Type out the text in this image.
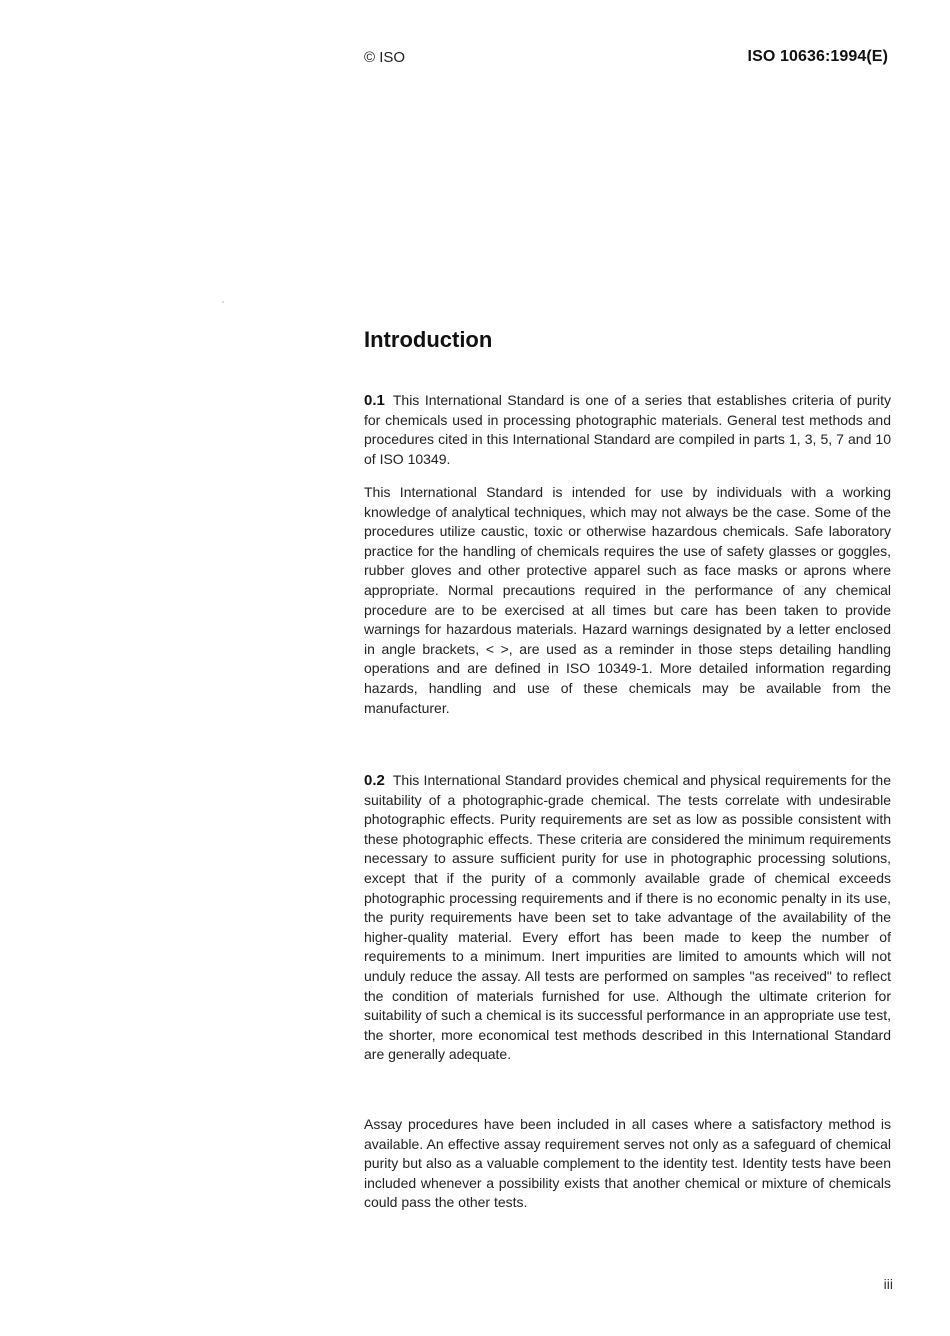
© ISO	ISO 10636:1994(E)
Introduction

0.1 This International Standard is one of a series that establishes criteria of purity for chemicals used in processing photographic materials. General test methods and procedures cited in this International Standard are compiled in parts 1, 3, 5, 7 and 10 of ISO 10349.

This International Standard is intended for use by individuals with a working knowledge of analytical techniques, which may not always be the case. Some of the procedures utilize caustic, toxic or otherwise hazardous chemicals. Safe laboratory practice for the handling of chemicals requires the use of safety glasses or goggles, rubber gloves and other protective apparel such as face masks or aprons where appropriate. Normal precautions required in the performance of any chemical procedure are to be exercised at all times but care has been taken to provide warnings for hazardous materials. Hazard warnings designated by a letter enclosed in angle brackets, < >, are used as a reminder in those steps detailing handling operations and are defined in ISO 10349-1. More detailed information regarding hazards, handling and use of these chemicals may be available from the manufacturer.

0.2 This International Standard provides chemical and physical requirements for the suitability of a photographic-grade chemical. The tests correlate with undesirable photographic effects. Purity requirements are set as low as possible consistent with these photographic effects. These criteria are considered the minimum requirements necessary to assure sufficient purity for use in photographic processing solutions, except that if the purity of a commonly available grade of chemical exceeds photographic processing requirements and if there is no economic penalty in its use, the purity requirements have been set to take advantage of the availability of the higher-quality material. Every effort has been made to keep the number of requirements to a minimum. Inert impurities are limited to amounts which will not unduly reduce the assay. All tests are performed on samples "as received" to reflect the condition of materials furnished for use. Although the ultimate criterion for suitability of such a chemical is its successful performance in an appropriate use test, the shorter, more economical test methods described in this International Standard are generally adequate.

Assay procedures have been included in all cases where a satisfactory method is available. An effective assay requirement serves not only as a safeguard of chemical purity but also as a valuable complement to the identity test. Identity tests have been included whenever a possibility exists that another chemical or mixture of chemicals could pass the other tests.

iii
